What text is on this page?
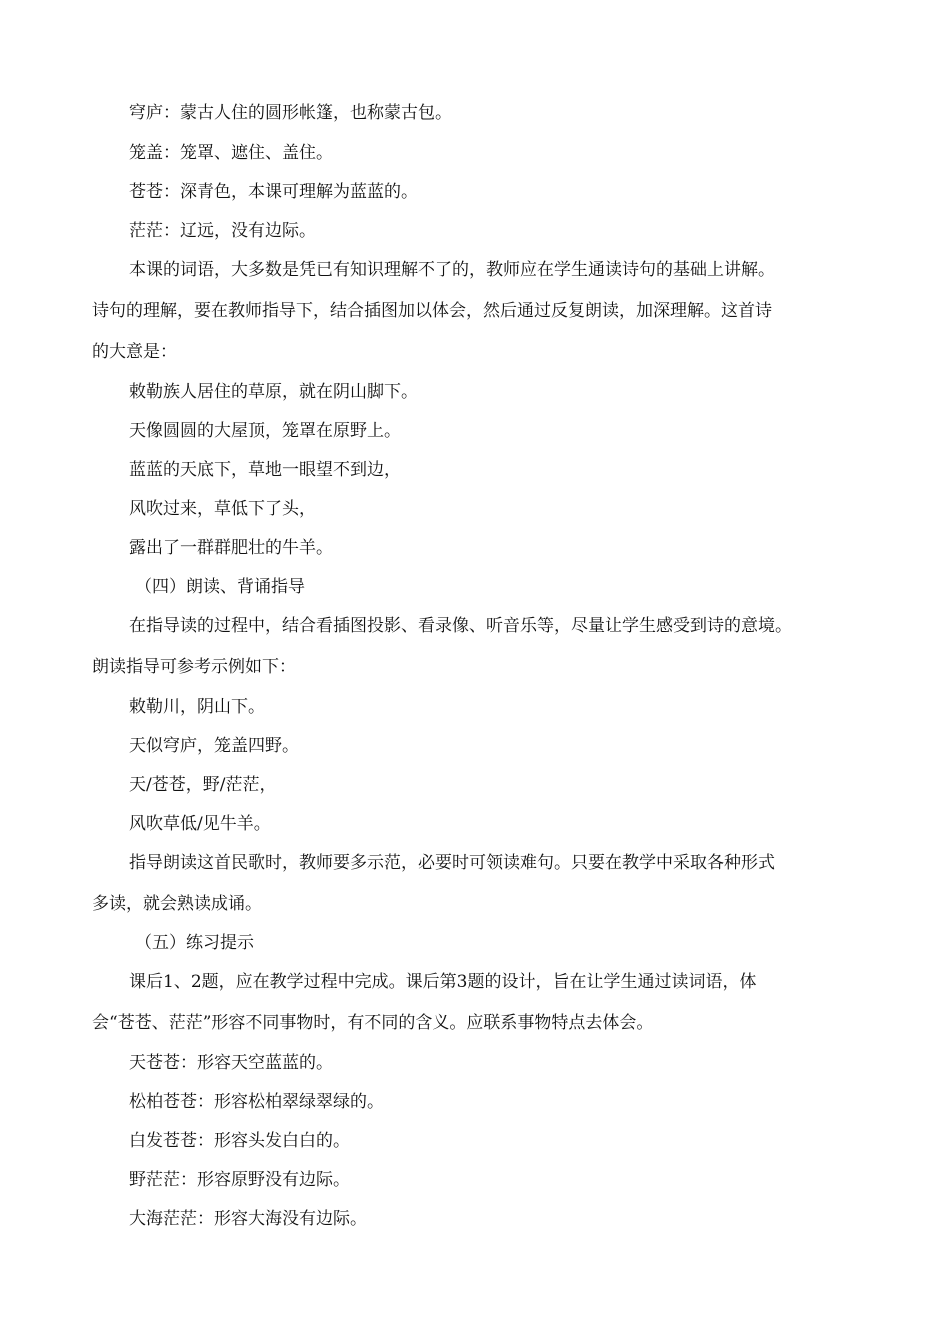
穹庐：蒙古人住的圆形帐篷，也称蒙古包。
笼盖：笼罩、遮住、盖住。
苍苍：深青色，本课可理解为蓝蓝的。
茫茫：辽远，没有边际。
本课的词语，大多数是凭已有知识理解不了的，教师应在学生通读诗句的基础上讲解。
诗句的理解，要在教师指导下，结合插图加以体会，然后通过反复朗读，加深理解。这首诗
的大意是：
敕勒族人居住的草原，就在阴山脚下。
天像圆圆的大屋顶，笼罩在原野上。
蓝蓝的天底下，草地一眼望不到边，
风吹过来，草低下了头，
露出了一群群肥壮的牛羊。
（四）朗读、背诵指导
在指导读的过程中，结合看插图投影、看录像、听音乐等，尽量让学生感受到诗的意境。
朗读指导可参考示例如下：
敕勒川，阴山下。
天似穹庐，笼盖四野。
天/苍苍，野/茫茫，
风吹草低/见牛羊。
指导朗读这首民歌时，教师要多示范，必要时可领读难句。只要在教学中采取各种形式
多读，就会熟读成诵。
（五）练习提示
课后1、2题，应在教学过程中完成。课后第3题的设计，旨在让学生通过读词语，体
会“苍苍、茫茫”形容不同事物时，有不同的含义。应联系事物特点去体会。
天苍苍：形容天空蓝蓝的。
松柏苍苍：形容松柏翠绿翠绿的。
白发苍苍：形容头发白白的。
野茫茫：形容原野没有边际。
大海茫茫：形容大海没有边际。
